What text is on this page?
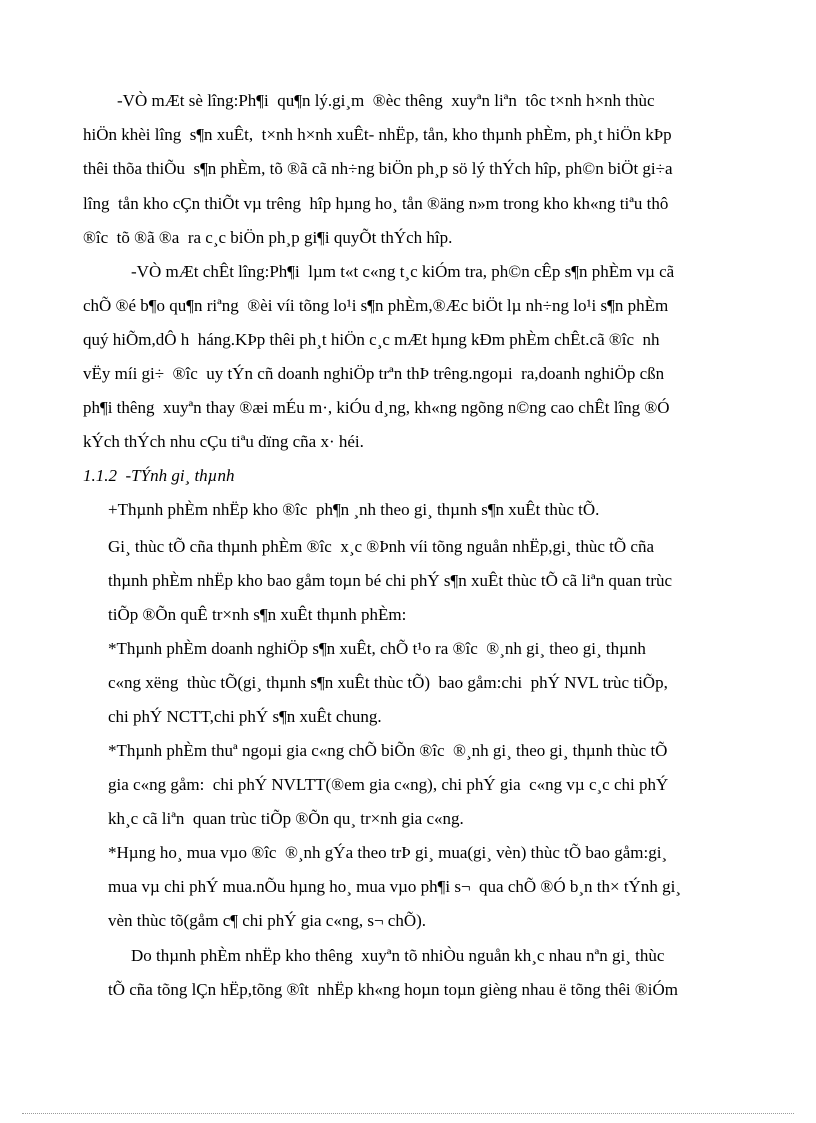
-VÒ mÆt sè lîng:Ph¶i  qu¶n lý.gi¸m  ®èc thêng  xuyªn liªn  tôc t×nh h×nh thùc
hiÖn khèi lîng  s¶n xuÊt,  t×nh h×nh xuÊt- nhËp, tån, kho thµnh phÈm, ph¸t hiÖn kÞp
thêi thõa thiÕu  s¶n phÈm, tõ ®ã cã nh÷ng biÖn ph¸p sö lý thÝch hîp, ph©n biÖt gi÷a
lîng  tån kho cÇn thiÕt vµ trêng  hîp hµng ho¸ tån ®äng n»m trong kho kh«ng tiªu thô
®îc  tõ ®ã ®a  ra c¸c biÖn ph¸p gi¶i quyÕt thÝch hîp.
-VÒ mÆt chÊt lîng:Ph¶i  lµm t«t c«ng t¸c kiÓm tra, ph©n cÊp s¶n phÈm vµ cã
chÕ ®é b¶o qu¶n riªng  ®èi víi tõng lo¹i s¶n phÈm,®Æc biÖt lµ nh÷ng lo¹i s¶n phÈm
quý hiÕm,dÔ h  háng.KÞp thêi ph¸t hiÖn c¸c mÆt hµng kÐm phÈm chÊt.cã ®îc  nh
vËy míi gi÷  ®îc  uy tÝn cñ doanh nghiÖp trªn thÞ trêng.ngoµi  ra,doanh nghiÖp cßn
ph¶i thêng  xuyªn thay ®æi mÉu m·, kiÓu d¸ng, kh«ng ngõng n©ng cao chÊt lîng ®Ó
kÝch thÝch nhu cÇu tiªu dïng cña x· héi.
1.1.2  -TÝnh gi¸ thµnh
+Thµnh phÈm nhËp kho ®îc  ph¶n ¸nh theo gi¸ thµnh s¶n xuÊt thùc tÕ.
Gi¸ thùc tÕ cña thµnh phÈm ®îc  x¸c ®Þnh víi tõng nguån nhËp,gi¸ thùc tÕ cña
thµnh phÈm nhËp kho bao gåm toµn bé chi phÝ s¶n xuÊt thùc tÕ cã liªn quan trùc
tiÕp ®Õn quÊ tr×nh s¶n xuÊt thµnh phÈm:
*Thµnh phÈm doanh nghiÖp s¶n xuÊt, chÕ t¹o ra ®îc  ®¸nh gi¸ theo gi¸ thµnh
c«ng xëng  thùc tÕ(gi¸ thµnh s¶n xuÊt thùc tÕ)  bao gåm:chi  phÝ NVL trùc tiÕp,
chi phÝ NCTT,chi phÝ s¶n xuÊt chung.
*Thµnh phÈm thuª ngoµi gia c«ng chÕ biÕn ®îc  ®¸nh gi¸ theo gi¸ thµnh thùc tÕ
gia c«ng gåm:  chi phÝ NVLTT(®em gia c«ng), chi phÝ gia  c«ng vµ c¸c chi phÝ
kh¸c cã liªn  quan trùc tiÕp ®Õn qu¸ tr×nh gia c«ng.
*Hµng ho¸ mua vµo ®îc  ®¸nh gÝa theo trÞ gi¸ mua(gi¸ vèn) thùc tÕ bao gåm:gi¸
mua vµ chi phÝ mua.nÕu hµng ho¸ mua vµo ph¶i s¬  qua chÕ ®Ó b¸n th× tÝnh gi¸
vèn thùc tõ(gåm c¶ chi phÝ gia c«ng, s¬ chÕ).
Do thµnh phÈm nhËp kho thêng  xuyªn tõ nhiÒu nguån kh¸c nhau nªn gi¸ thùc
tÕ cña tõng lÇn hËp,tõng ®ît  nhËp kh«ng hoµn toµn gièng nhau ë tõng thêi ®iÓm
